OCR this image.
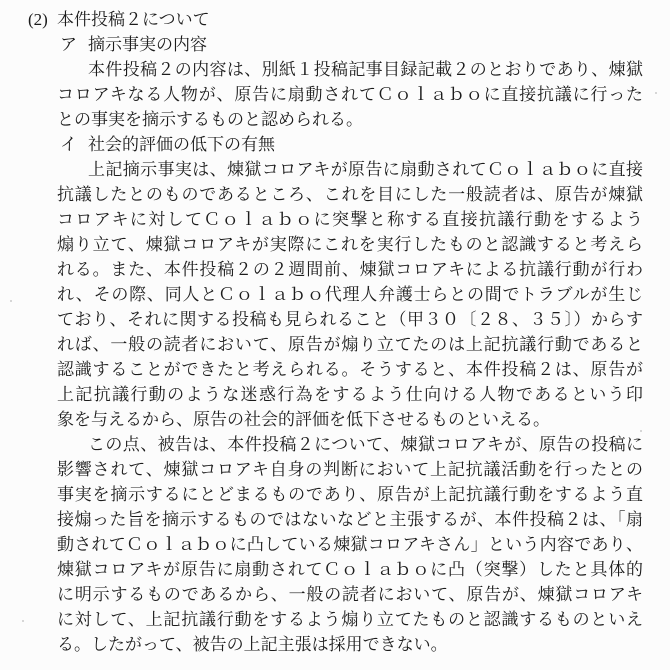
(2) 本件投稿２について
ア 摘示事実の内容
本件投稿２の内容は、別紙１投稿記事目録記載２のとおりであり、煉獄
コロアキなる人物が、原告に扇動されてＣｏｌａｂｏに直接抗議に行った
との事実を摘示するものと認められる。
イ 社会的評価の低下の有無
上記摘示事実は、煉獄コロアキが原告に扇動されてＣｏｌａｂｏに直接
抗議したとのものであるところ、これを目にした一般読者は、原告が煉獄
コロアキに対してＣｏｌａｂｏに突撃と称する直接抗議行動をするよう
煽り立て、煉獄コロアキが実際にこれを実行したものと認識すると考えら
れる。また、本件投稿２の２週間前、煉獄コロアキによる抗議行動が行わ
れ、その際、同人とＣｏｌａｂｏ代理人弁護士らとの間でトラブルが生じ
ており、それに関する投稿も見られること（甲３０〔２８、３５〕）からす
れば、一般の読者において、原告が煽り立てたのは上記抗議行動であると
認識することができたと考えられる。そうすると、本件投稿２は、原告が
上記抗議行動のような迷惑行為をするよう仕向ける人物であるという印
象を与えるから、原告の社会的評価を低下させるものといえる。
この点、被告は、本件投稿２について、煉獄コロアキが、原告の投稿に
影響されて、煉獄コロアキ自身の判断において上記抗議活動を行ったとの
事実を摘示するにとどまるものであり、原告が上記抗議行動をするよう直
接煽った旨を摘示するものではないなどと主張するが、本件投稿２は、「扇
動されてＣｏｌａｂｏに凸している煉獄コロアキさん」という内容であり、
煉獄コロアキが原告に扇動されてＣｏｌａｂｏに凸（突撃）したと具体的
に明示するものであるから、一般の読者において、原告が、煉獄コロアキ
に対して、上記抗議行動をするよう煽り立てたものと認識するものといえ
る。したがって、被告の上記主張は採用できない。
